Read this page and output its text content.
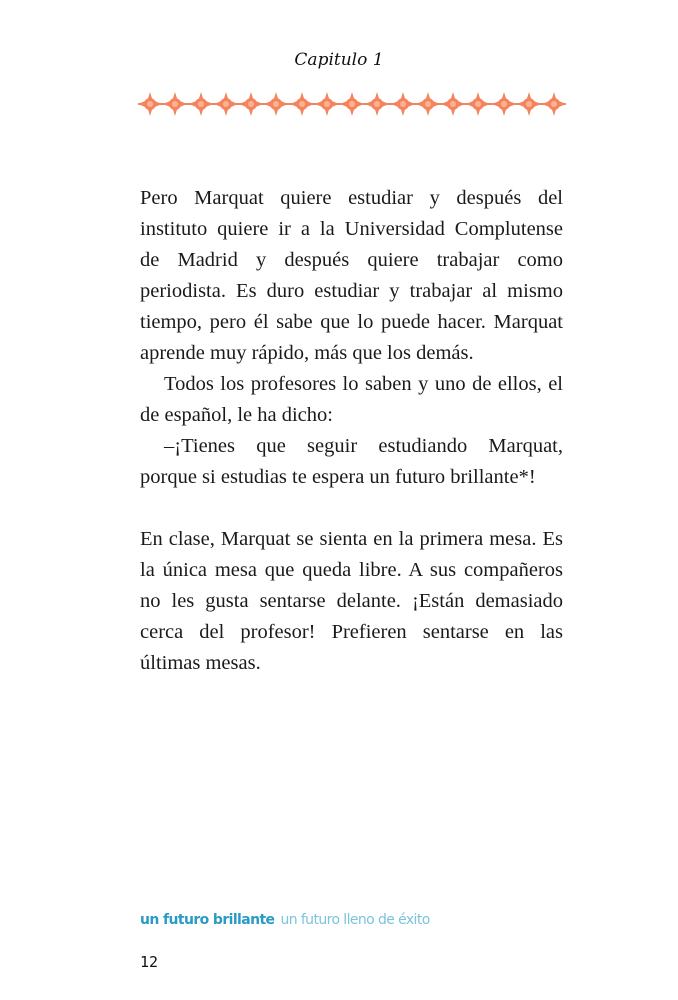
Capitulo 1
Pero Marquat quiere estudiar y después del
instituto quiere ir a la Universidad Complutense
de Madrid y después quiere trabajar como
periodista. Es duro estudiar y trabajar al mismo
tiempo, pero él sabe que lo puede hacer. Marquat
aprende muy rápido, más que los demás.
Todos los profesores lo saben y uno de ellos, el
de español, le ha dicho:
–¡Tienes que seguir estudiando Marquat,
porque si estudias te espera un futuro brillante*!
En clase, Marquat se sienta en la primera mesa. Es
la única mesa que queda libre. A sus compañeros
no les gusta sentarse delante. ¡Están demasiado
cerca del profesor! Prefieren sentarse en las
últimas mesas.
un futuro brillante un futuro lleno de éxito
12
